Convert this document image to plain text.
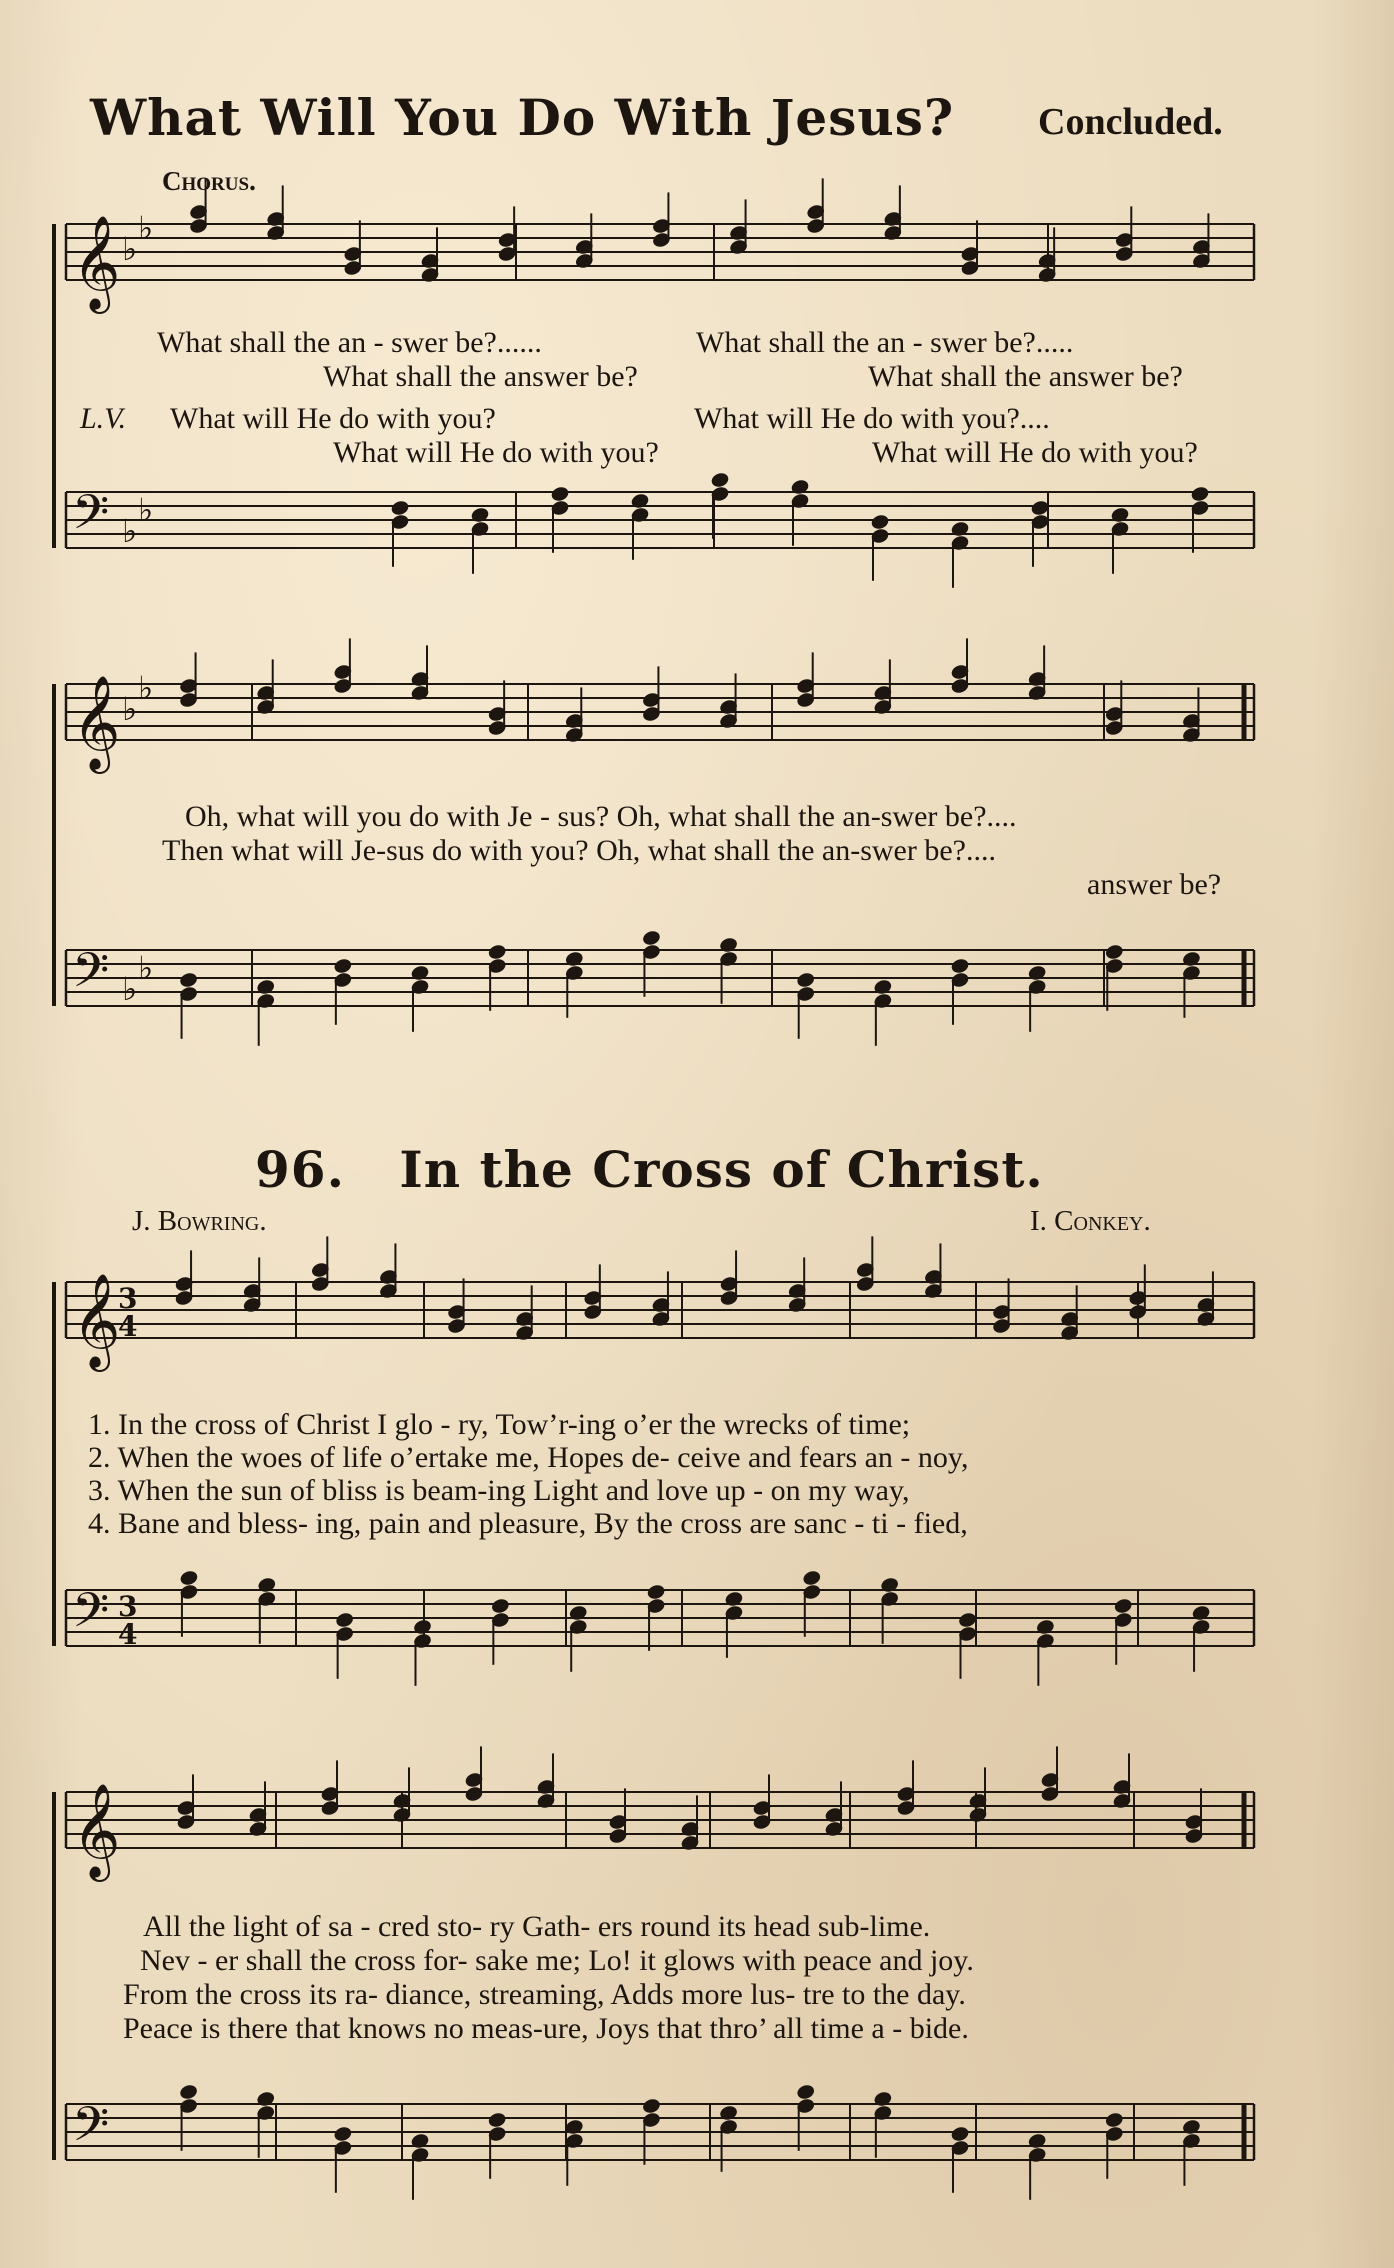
What Will You Do With Jesus? Concluded.
Chorus.
What shall the an - swer be?......	What shall the an - swer be?.....
What shall the answer be?	What shall the answer be?
L.V. What will He do with you?	What will He do with you?....
What will He do with you?	What will He do with you?
Oh, what will you do with Je - sus? Oh, what shall the an-swer be?....
Then what will Je-sus do with you? Oh, what shall the an-swer be?....
answer be?
96. In the Cross of Christ.
J. Bowring.	I. Conkey.
1. In the cross of Christ I glo - ry, Tow’r-ing o’er the wrecks of time;
2. When the woes of life o’ertake me, Hopes de- ceive and fears an - noy,
3. When the sun of bliss is beam-ing Light and love up - on my way,
4. Bane and bless- ing, pain and pleasure, By the cross are sanc - ti - fied,
All the light of sa - cred sto- ry Gath- ers round its head sub-lime.
Nev - er shall the cross for- sake me; Lo! it glows with peace and joy.
From the cross its ra- diance, streaming, Adds more lus- tre to the day.
Peace is there that knows no meas-ure, Joys that thro’ all time a - bide.
𝄞 ♭
♭
𝄢 ♭
♭
𝄞 ♭
♭
𝄢 ♭
♭
𝄞
3
4
𝄢 3
4
𝄞
𝄢
